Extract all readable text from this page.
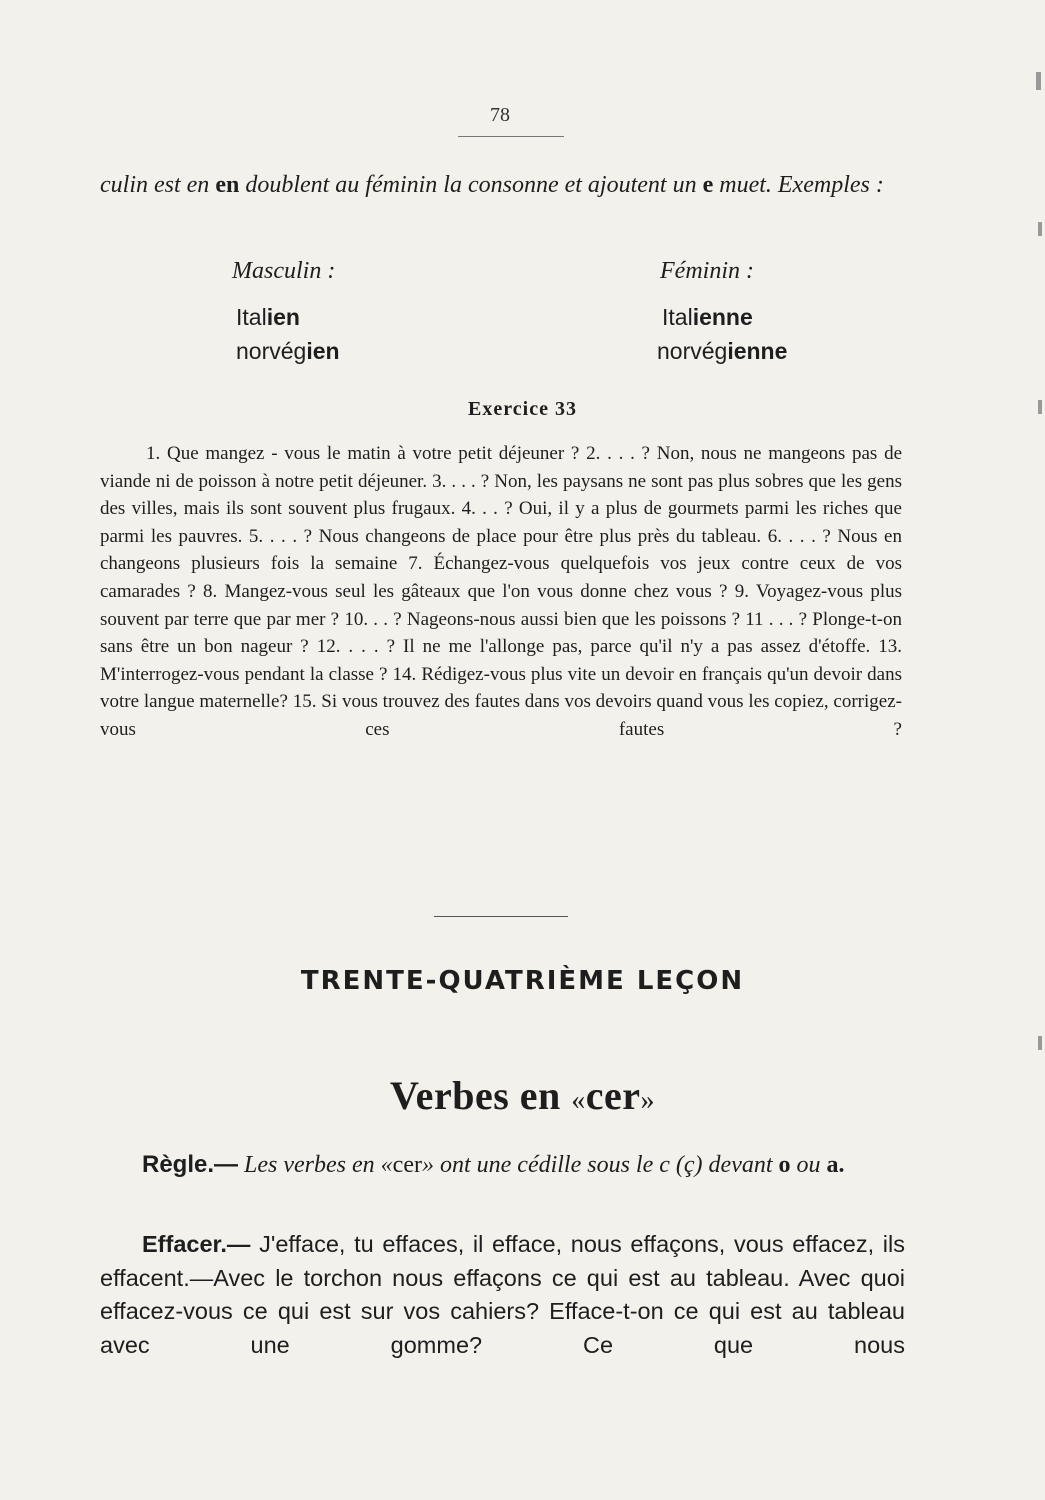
78
culin est en en doublent au féminin la consonne et ajoutent un e muet. Exemples :
Masculin :	Féminin :
Italien	Italienne
norvégien	norvégienne
Exercice 33
1. Que mangez - vous le matin à votre petit déjeuner ? 2. . . . ? Non, nous ne mangeons pas de viande ni de poisson à notre petit déjeuner. 3. . . . ? Non, les paysans ne sont pas plus sobres que les gens des villes, mais ils sont souvent plus frugaux. 4. . . ? Oui, il y a plus de gourmets parmi les riches que parmi les pauvres. 5. . . . ? Nous changeons de place pour être plus près du tableau. 6. . . . ? Nous en changeons plusieurs fois la semaine 7. Échangez-vous quelquefois vos jeux contre ceux de vos camarades ? 8. Mangez-vous seul les gâteaux que l'on vous donne chez vous ? 9. Voyagez-vous plus souvent par terre que par mer ? 10. . . ? Nageons-nous aussi bien que les poissons ? 11 . . . ? Plonge-t-on sans être un bon nageur ? 12. . . . ? Il ne me l'allonge pas, parce qu'il n'y a pas assez d'étoffe. 13. M'interrogez-vous pendant la classe ? 14. Rédigez-vous plus vite un devoir en français qu'un devoir dans votre langue maternelle? 15. Si vous trouvez des fautes dans vos devoirs quand vous les copiez, corrigez-vous ces fautes ?
TRENTE-QUATRIÈME LEÇON
Verbes en «cer»
Règle.— Les verbes en «cer» ont une cédille sous le c (ç) devant o ou a.
Effacer.— J'efface, tu effaces, il efface, nous effaçons, vous effacez, ils effacent.—Avec le torchon nous effaçons ce qui est au tableau. Avec quoi effacez-vous ce qui est sur vos cahiers? Efface-t-on ce qui est au tableau avec une gomme? Ce que nous
